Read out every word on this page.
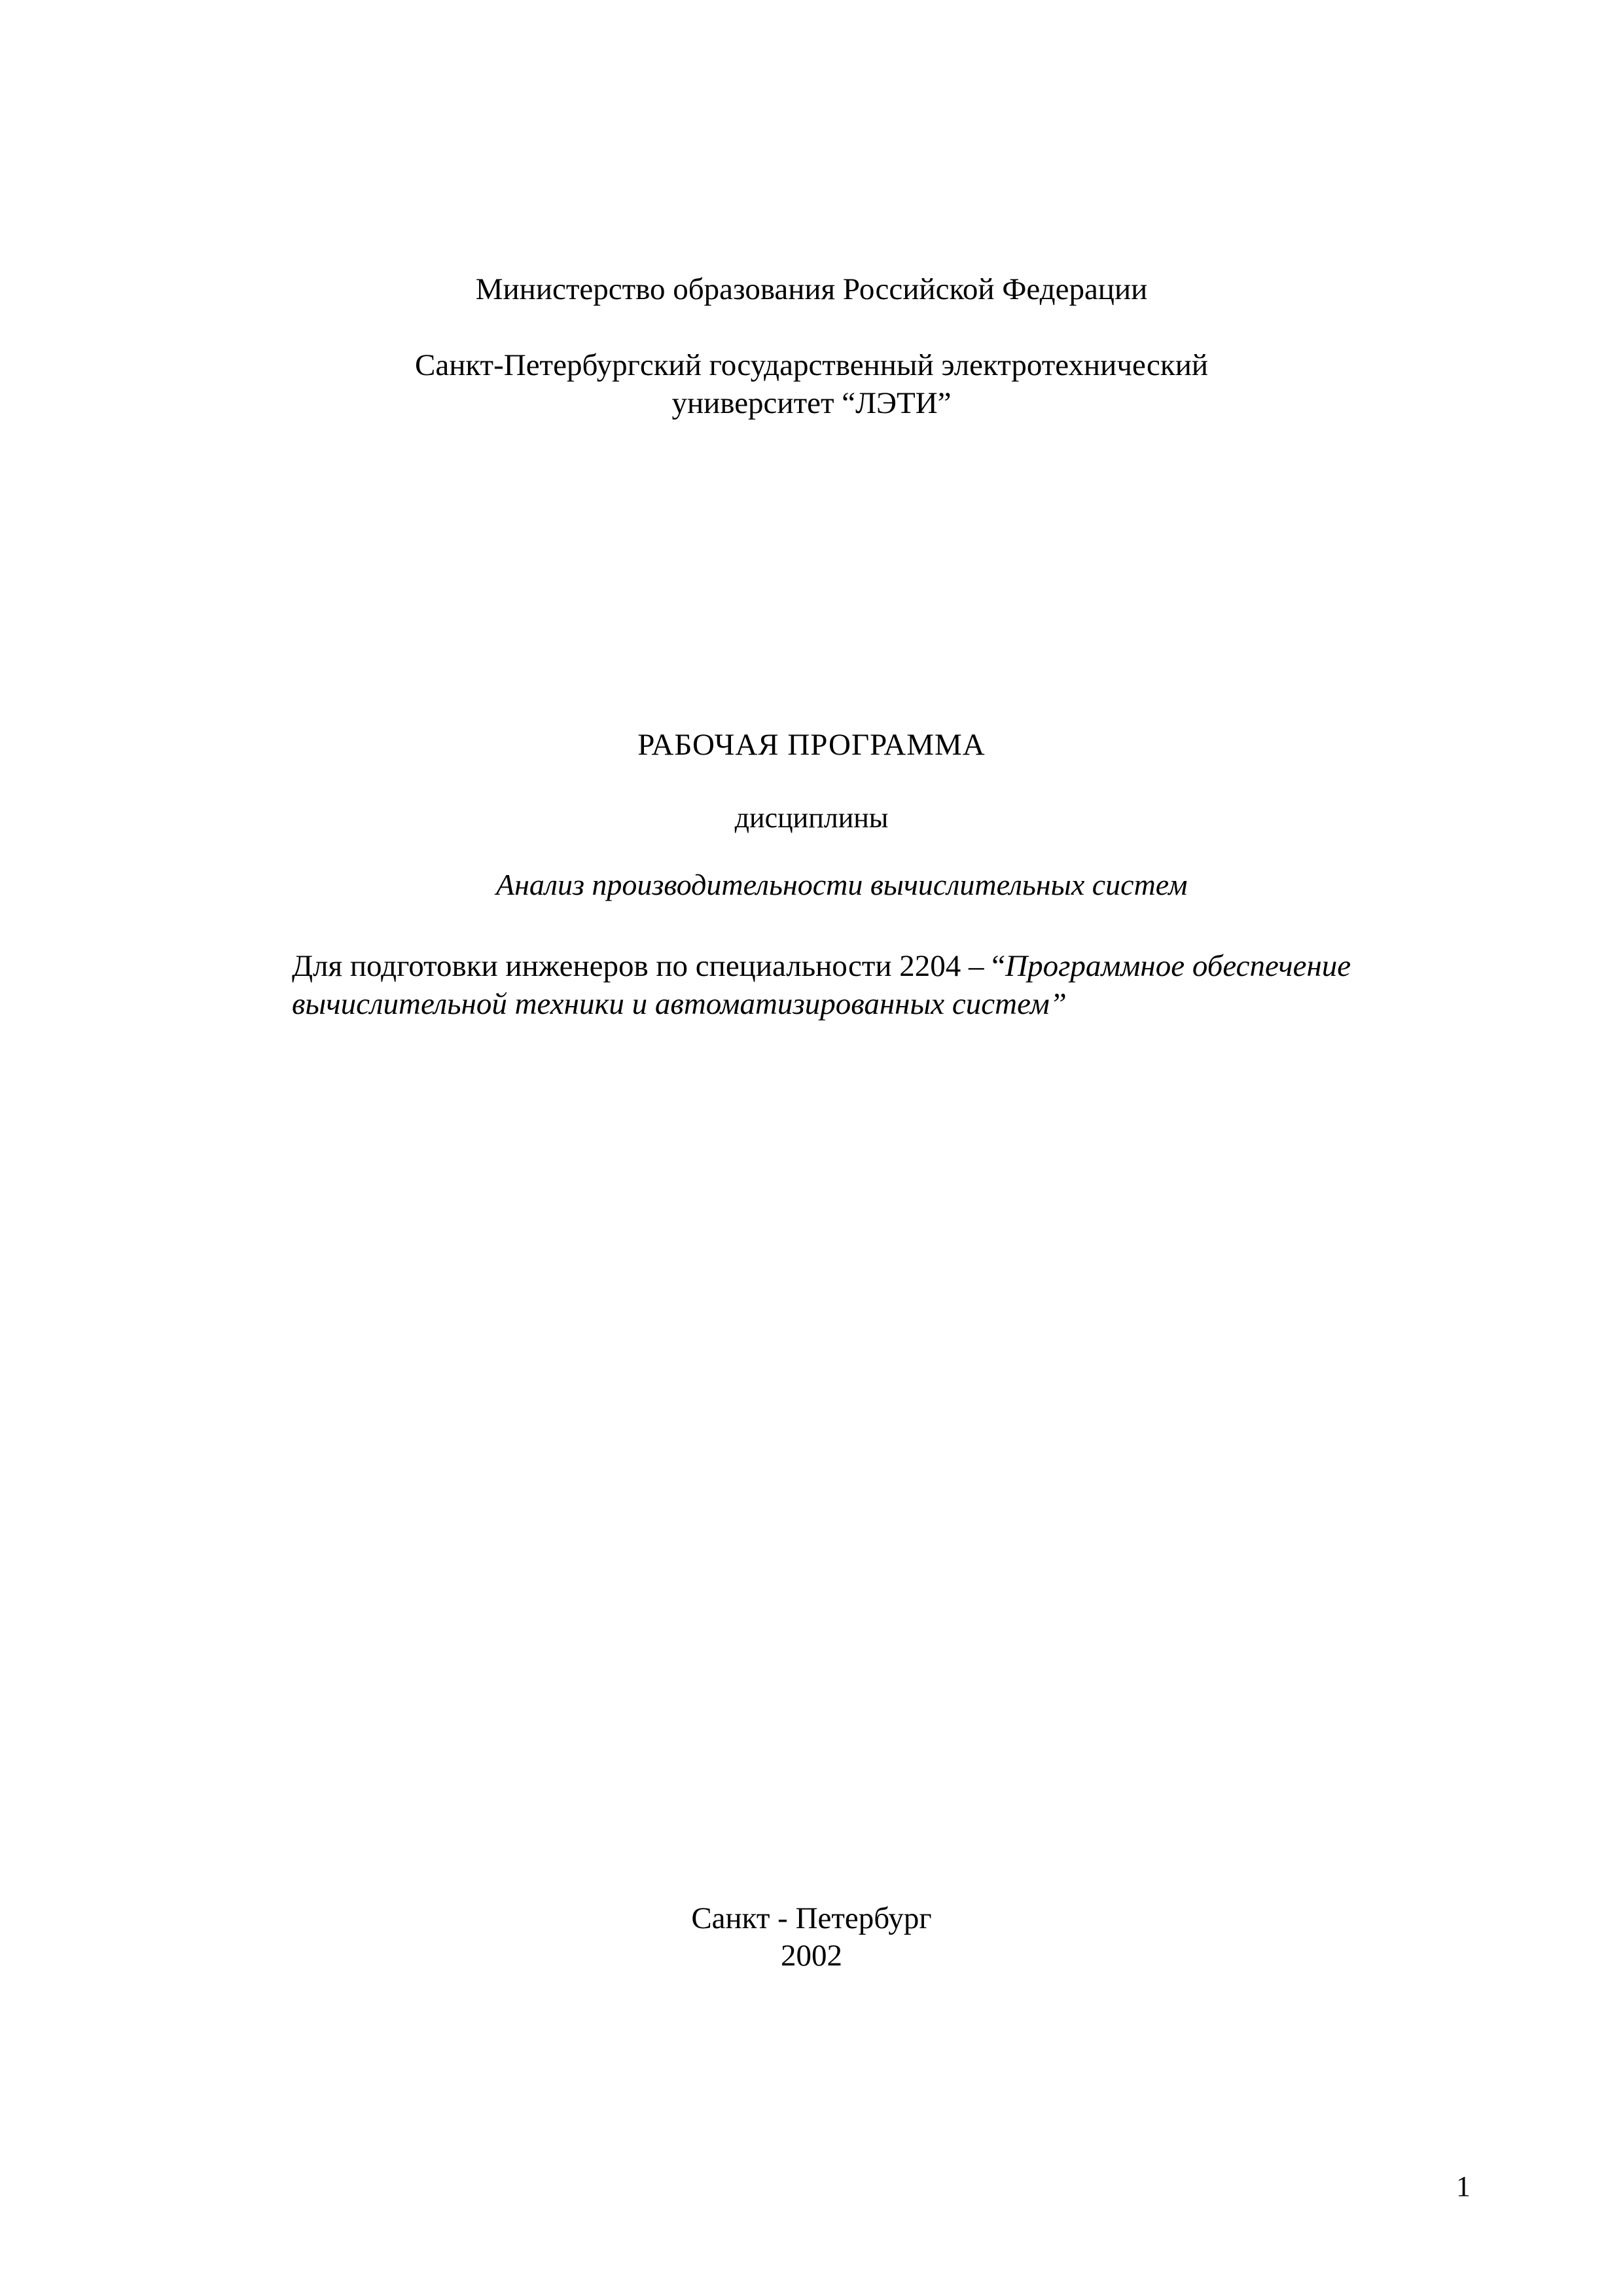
Министерство образования Российской Федерации
Санкт-Петербургский государственный электротехнический
университет “ЛЭТИ”
РАБОЧАЯ ПРОГРАММА
дисциплины
Анализ производительности вычислительных систем
Для подготовки инженеров по специальности 2204 – “Программное обеспечение
вычислительной техники и автоматизированных систем”
Санкт - Петербург
2002
1
